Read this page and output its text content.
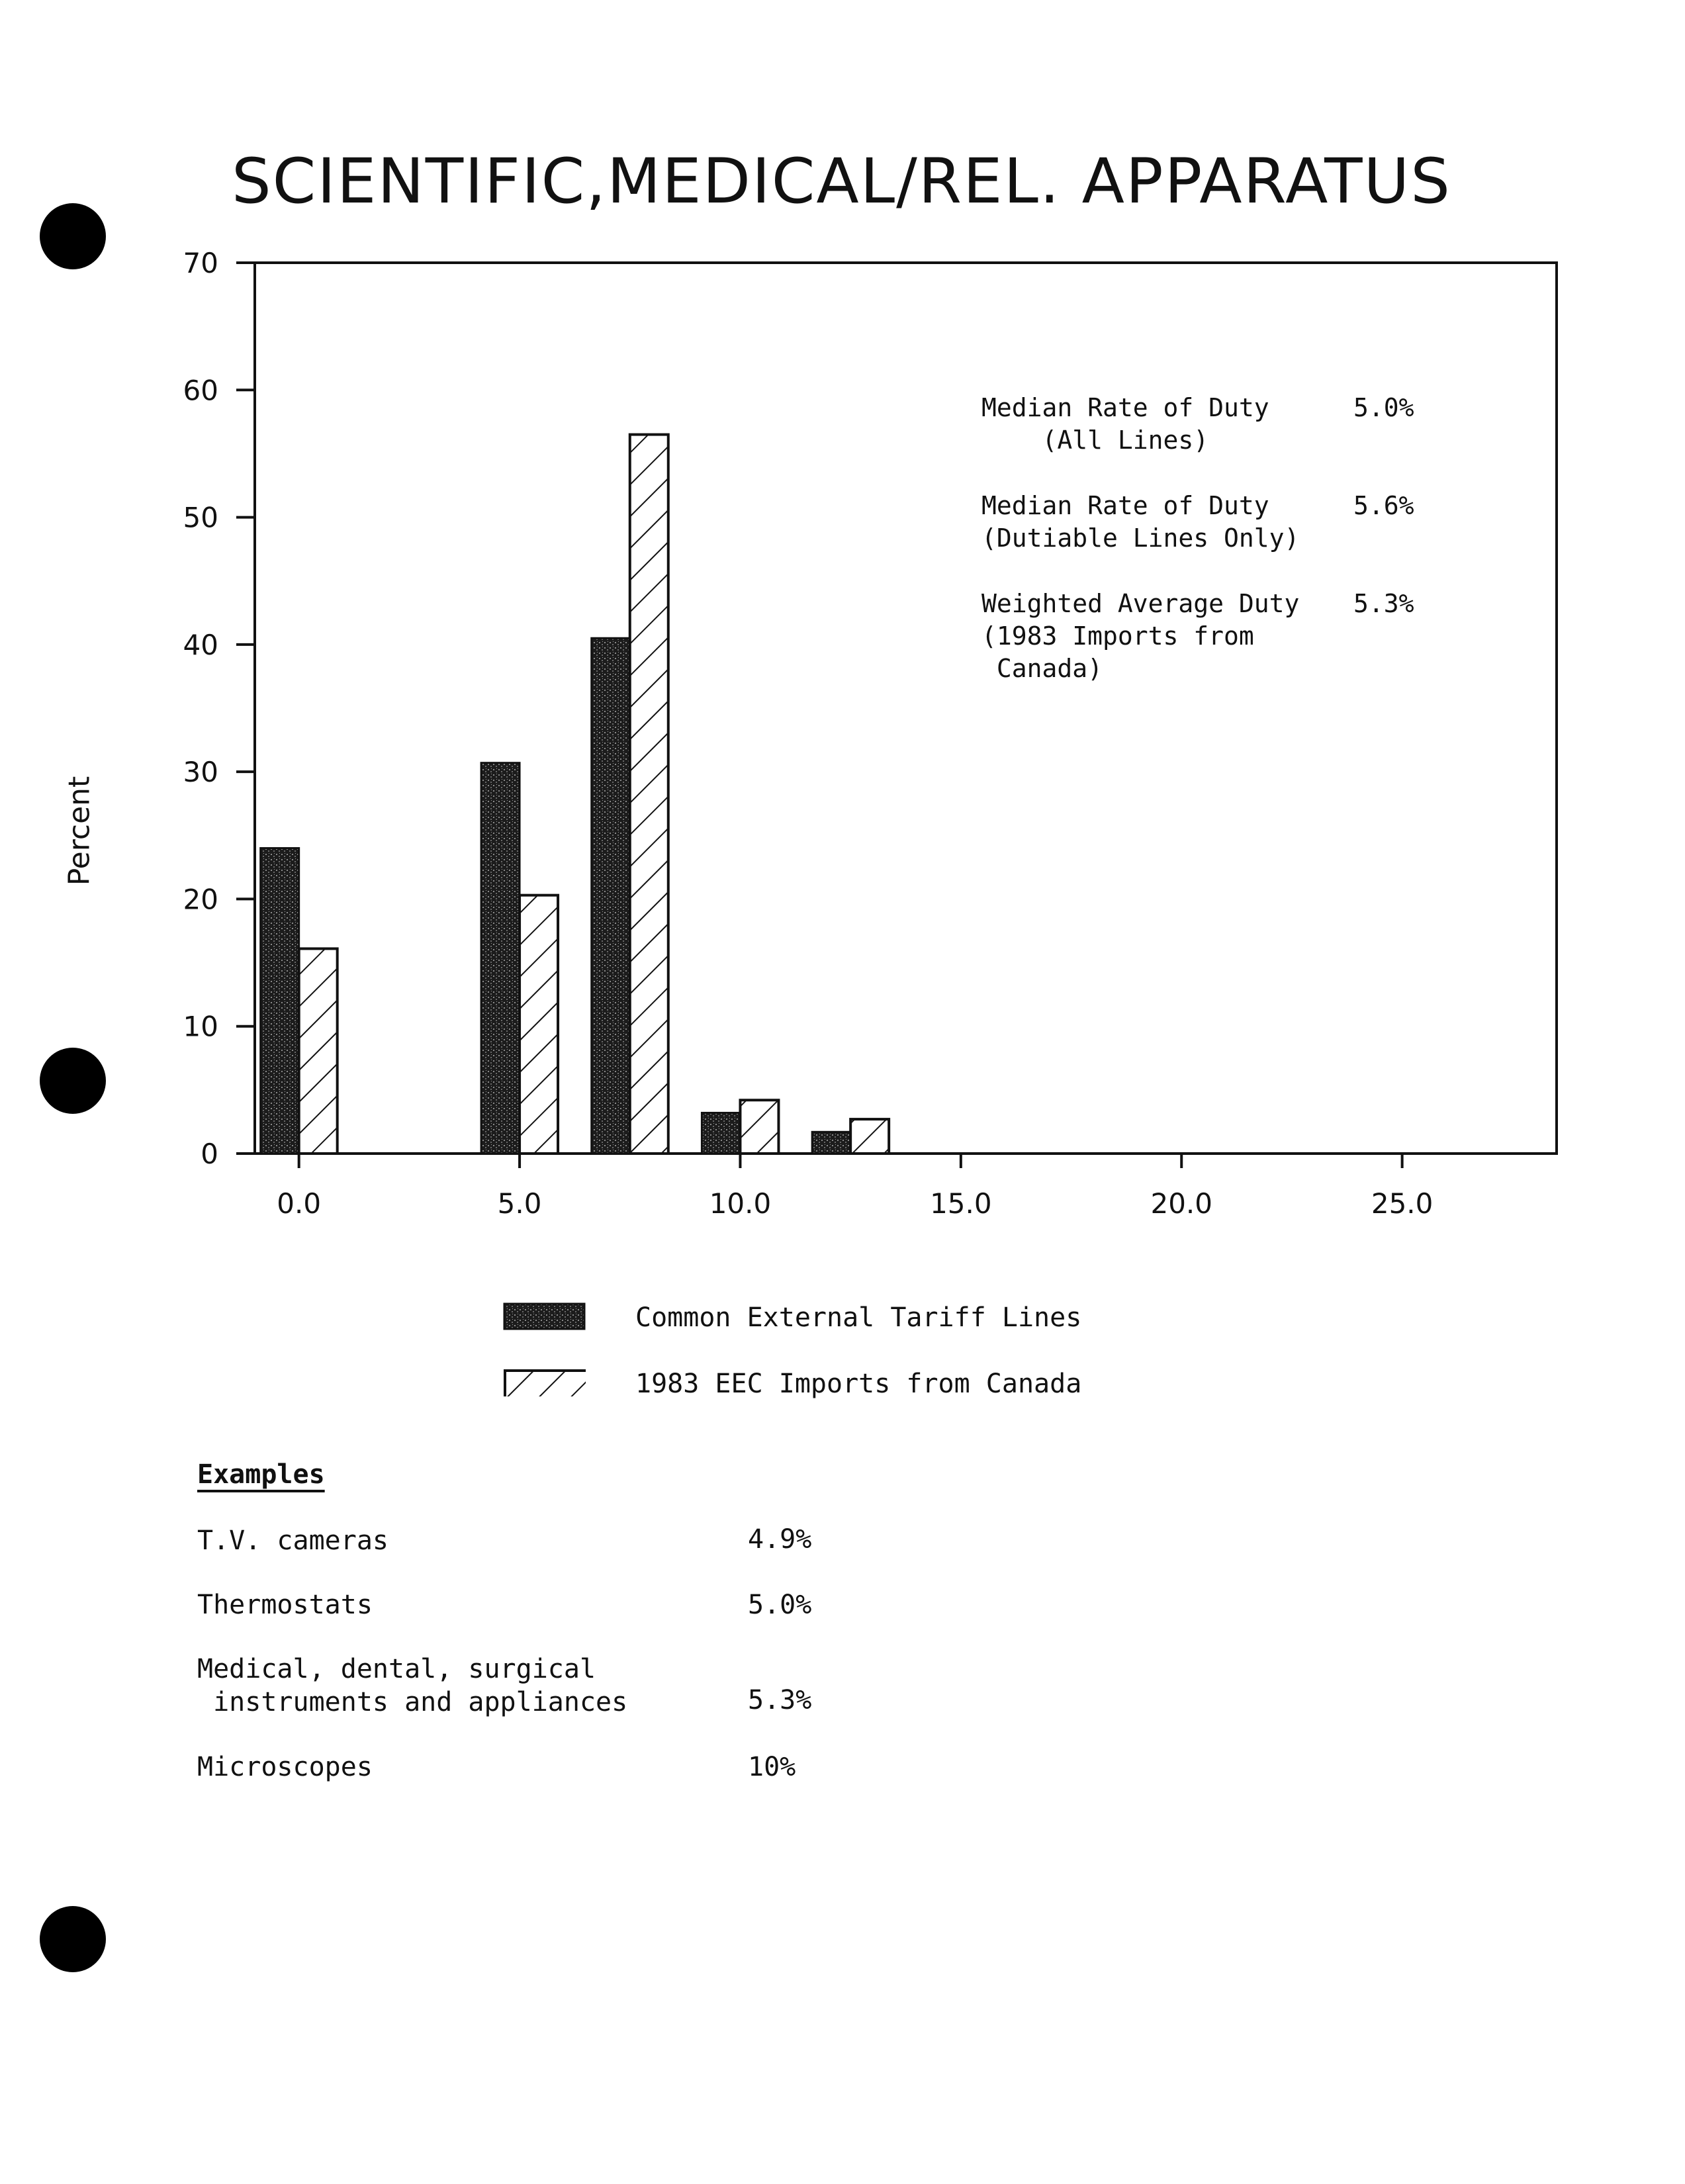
SCIENTIFIC,MEDICAL/REL. APPARATUS
Percent
0
10
20
30
40
50
60
70
0.0	5.0	10.0	15.0	20.0	25.0
Median Rate of Duty
(All Lines)
5.0%
Median Rate of Duty
(Dutiable Lines Only)
5.6%
Weighted Average Duty
(1983 Imports from
Canada)
5.3%
Common External Tariff Lines
1983 EEC Imports from Canada
Examples
T.V. cameras	4.9%
Thermostats	5.0%
Medical, dental, surgical
instruments and appliances	5.3%
Microscopes	10%
